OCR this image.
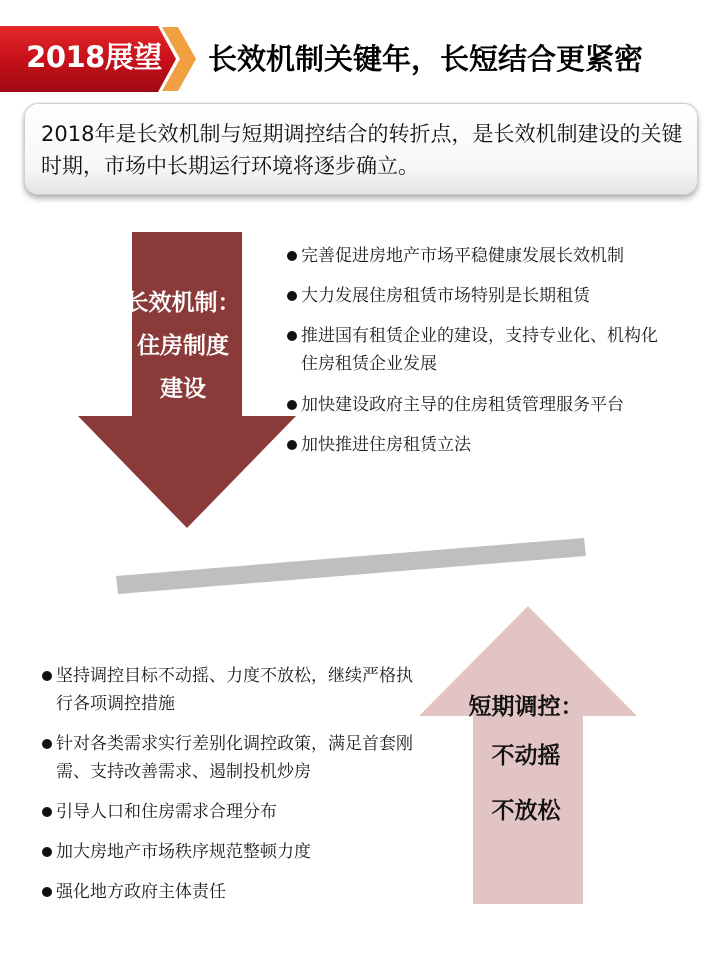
2018展望	长效机制关键年，长短结合更紧密
2018年是长效机制与短期调控结合的转折点，是长效机制建设的关键时期，市场中长期运行环境将逐步确立。
长效机制：
住房制度
建设
完善促进房地产市场平稳健康发展长效机制
大力发展住房租赁市场特别是长期租赁
推进国有租赁企业的建设，支持专业化、机构化住房租赁企业发展
加快建设政府主导的住房租赁管理服务平台
加快推进住房租赁立法
短期调控：
不动摇
不放松
坚持调控目标不动摇、力度不放松，继续严格执行各项调控措施
针对各类需求实行差别化调控政策，满足首套刚需、支持改善需求、遏制投机炒房
引导人口和住房需求合理分布
加大房地产市场秩序规范整顿力度
强化地方政府主体责任
